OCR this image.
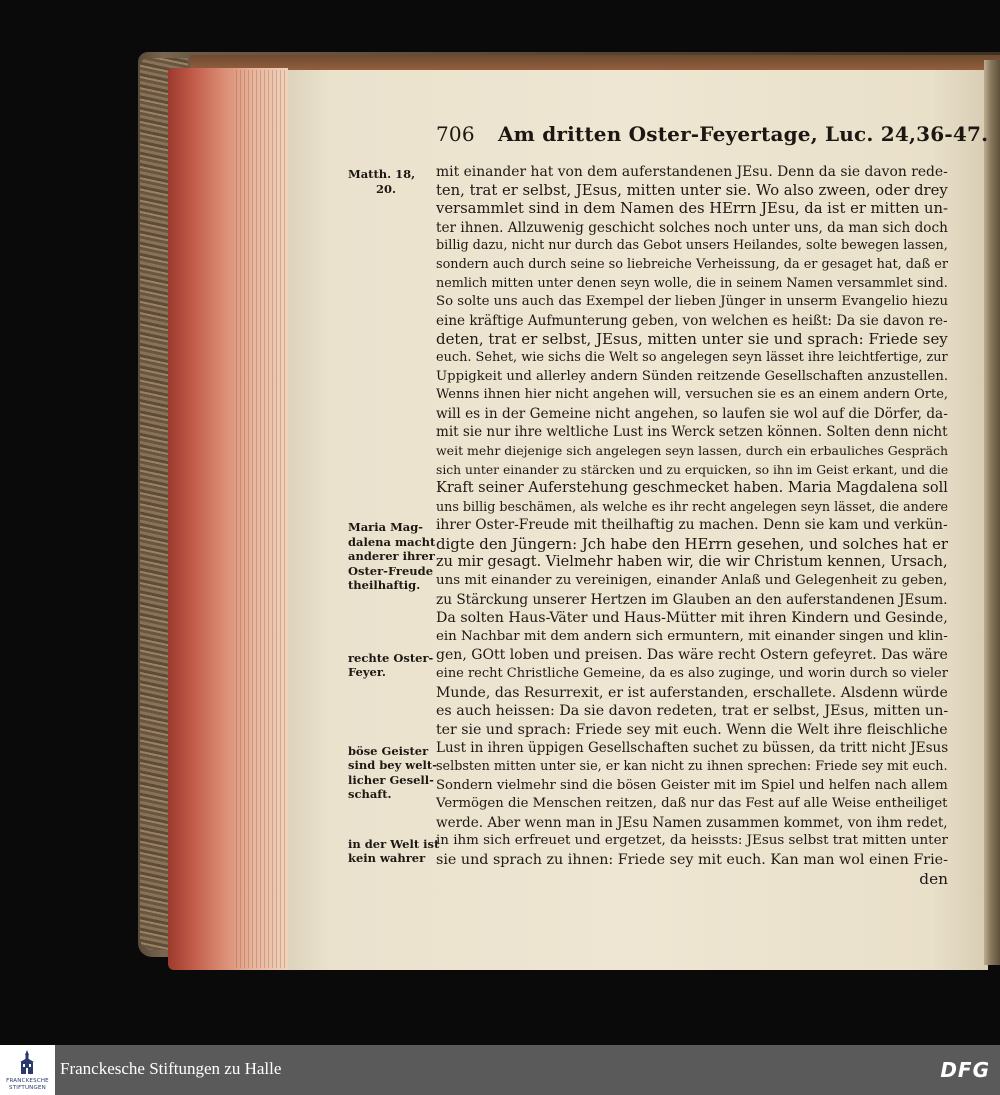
706 Am dritten Oster-Feyertage, Luc. 24,36-47.
mit einander hat von dem auferstandenen JEsu. Denn da sie davon rede-
ten, trat er selbst, JEsus, mitten unter sie. Wo also zween, oder drey
versammlet sind in dem Namen des HErrn JEsu, da ist er mitten un-
ter ihnen. Allzuwenig geschicht solches noch unter uns, da man sich doch
billig dazu, nicht nur durch das Gebot unsers Heilandes, solte bewegen lassen,
sondern auch durch seine so liebreiche Verheissung, da er gesaget hat, daß er
nemlich mitten unter denen seyn wolle, die in seinem Namen versammlet sind.
So solte uns auch das Exempel der lieben Jünger in unserm Evangelio hiezu
eine kräftige Aufmunterung geben, von welchen es heißt: Da sie davon re-
deten, trat er selbst, JEsus, mitten unter sie und sprach: Friede sey
euch. Sehet, wie sichs die Welt so angelegen seyn lässet ihre leichtfertige, zur
Uppigkeit und allerley andern Sünden reitzende Gesellschaften anzustellen.
Wenns ihnen hier nicht angehen will, versuchen sie es an einem andern Orte,
will es in der Gemeine nicht angehen, so laufen sie wol auf die Dörfer, da-
mit sie nur ihre weltliche Lust ins Werck setzen können. Solten denn nicht
weit mehr diejenige sich angelegen seyn lassen, durch ein erbauliches Gespräch
sich unter einander zu stärcken und zu erquicken, so ihn im Geist erkant, und die
Kraft seiner Auferstehung geschmecket haben. Maria Magdalena soll
uns billig beschämen, als welche es ihr recht angelegen seyn lässet, die andere
ihrer Oster-Freude mit theilhaftig zu machen. Denn sie kam und verkün-
digte den Jüngern: Jch habe den HErrn gesehen, und solches hat er
zu mir gesagt. Vielmehr haben wir, die wir Christum kennen, Ursach,
uns mit einander zu vereinigen, einander Anlaß und Gelegenheit zu geben,
zu Stärckung unserer Hertzen im Glauben an den auferstandenen JEsum.
Da solten Haus-Väter und Haus-Mütter mit ihren Kindern und Gesinde,
ein Nachbar mit dem andern sich ermuntern, mit einander singen und klin-
gen, GOtt loben und preisen. Das wäre recht Ostern gefeyret. Das wäre
eine recht Christliche Gemeine, da es also zuginge, und worin durch so vieler
Munde, das Resurrexit, er ist auferstanden, erschallete. Alsdenn würde
es auch heissen: Da sie davon redeten, trat er selbst, JEsus, mitten un-
ter sie und sprach: Friede sey mit euch. Wenn die Welt ihre fleischliche
Lust in ihren üppigen Gesellschaften suchet zu büssen, da tritt nicht JEsus
selbsten mitten unter sie, er kan nicht zu ihnen sprechen: Friede sey mit euch.
Sondern vielmehr sind die bösen Geister mit im Spiel und helfen nach allem
Vermögen die Menschen reitzen, daß nur das Fest auf alle Weise entheiliget
werde. Aber wenn man in JEsu Namen zusammen kommet, von ihm redet,
in ihm sich erfreuet und ergetzet, da heissts: JEsus selbst trat mitten unter
sie und sprach zu ihnen: Friede sey mit euch. Kan man wol einen Frie-
den
Matth. 18,
20.
Maria Mag-
dalena macht
anderer ihrer
Oster-Freude
theilhaftig.
rechte Oster-
Feyer.
böse Geister
sind bey welt-
licher Gesell-
schaft.
in der Welt ist
kein wahrer
FRANCKESCHE STIFTUNGEN
Franckesche Stiftungen zu Halle	DFG
